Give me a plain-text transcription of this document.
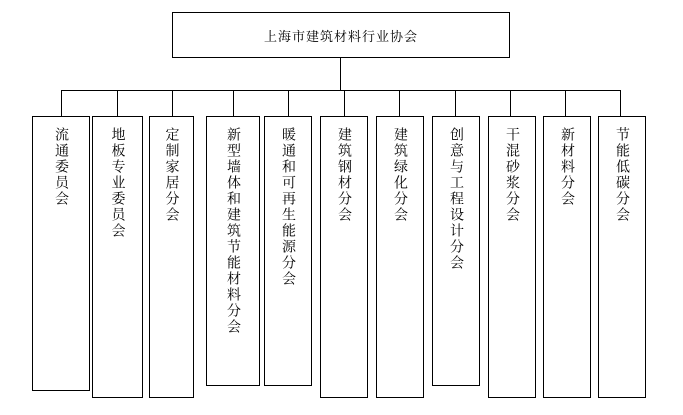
上海市建筑材料行业协会
流通委员会	地板专业委员会	定制家居分会	新型墙体和建筑节能材料分会	暖通和可再生能源分会	建筑钢材分会	建筑绿化分会	创意与工程设计分会	干混砂浆分会	新材料分会	节能低碳分会
